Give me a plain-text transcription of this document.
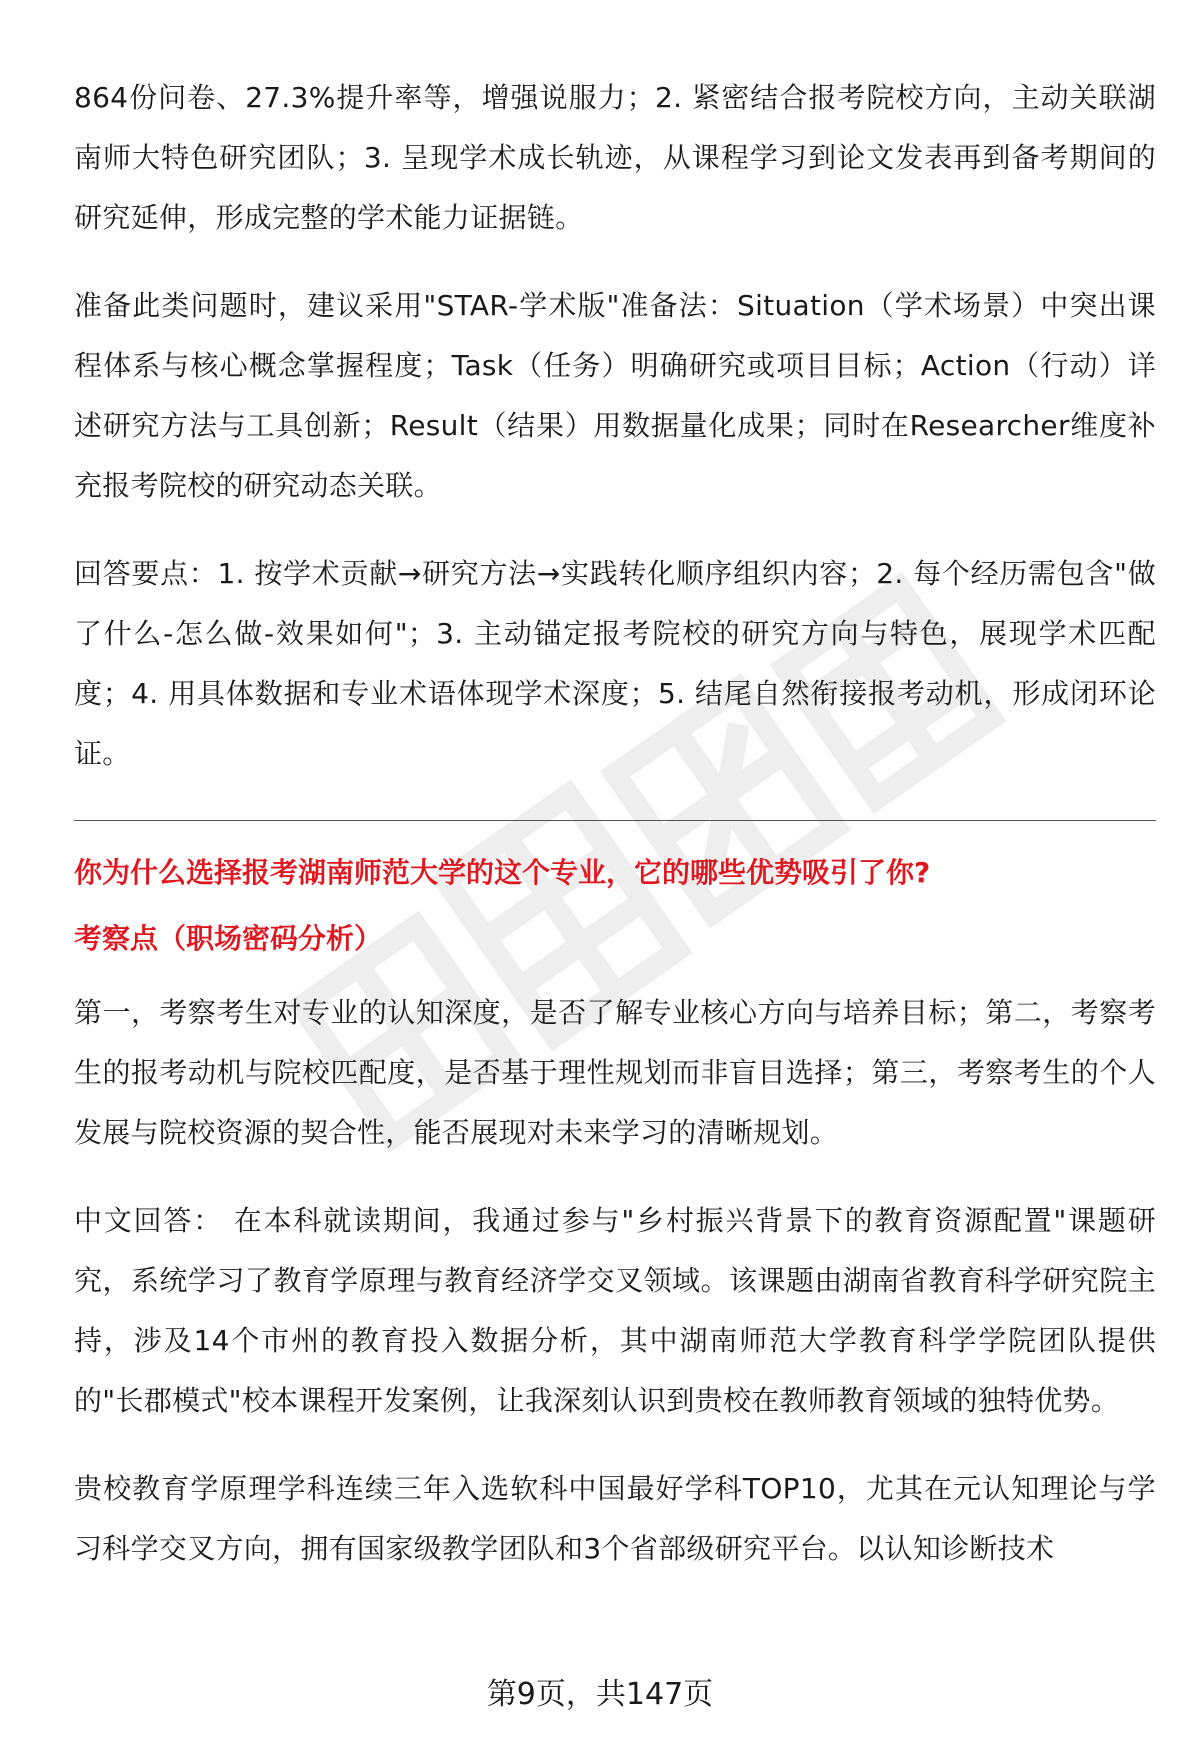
864份问卷、27.3%提升率等，增强说服力；2. 紧密结合报考院校方向，主动关联湖南师大特色研究团队；3. 呈现学术成长轨迹，从课程学习到论文发表再到备考期间的研究延伸，形成完整的学术能力证据链。

准备此类问题时，建议采用"STAR-学术版"准备法：Situation（学术场景）中突出课程体系与核心概念掌握程度；Task（任务）明确研究或项目目标；Action（行动）详述研究方法与工具创新；Result（结果）用数据量化成果；同时在Researcher维度补充报考院校的研究动态关联。

回答要点：1. 按学术贡献→研究方法→实践转化顺序组织内容；2. 每个经历需包含"做了什么-怎么做-效果如何"；3. 主动锚定报考院校的研究方向与特色，展现学术匹配度；4. 用具体数据和专业术语体现学术深度；5. 结尾自然衔接报考动机，形成闭环论证。

你为什么选择报考湖南师范大学的这个专业，它的哪些优势吸引了你?
考察点（职场密码分析）

第一，考察考生对专业的认知深度，是否了解专业核心方向与培养目标；第二，考察考生的报考动机与院校匹配度，是否基于理性规划而非盲目选择；第三，考察考生的个人发展与院校资源的契合性，能否展现对未来学习的清晰规划。

中文回答： 在本科就读期间，我通过参与"乡村振兴背景下的教育资源配置"课题研究，系统学习了教育学原理与教育经济学交叉领域。该课题由湖南省教育科学研究院主持，涉及14个市州的教育投入数据分析，其中湖南师范大学教育科学学院团队提供的"长郡模式"校本课程开发案例，让我深刻认识到贵校在教师教育领域的独特优势。

贵校教育学原理学科连续三年入选软科中国最好学科TOP10，尤其在元认知理论与学习科学交叉方向，拥有国家级教学团队和3个省部级研究平台。以认知诊断技术

第9页，共147页
